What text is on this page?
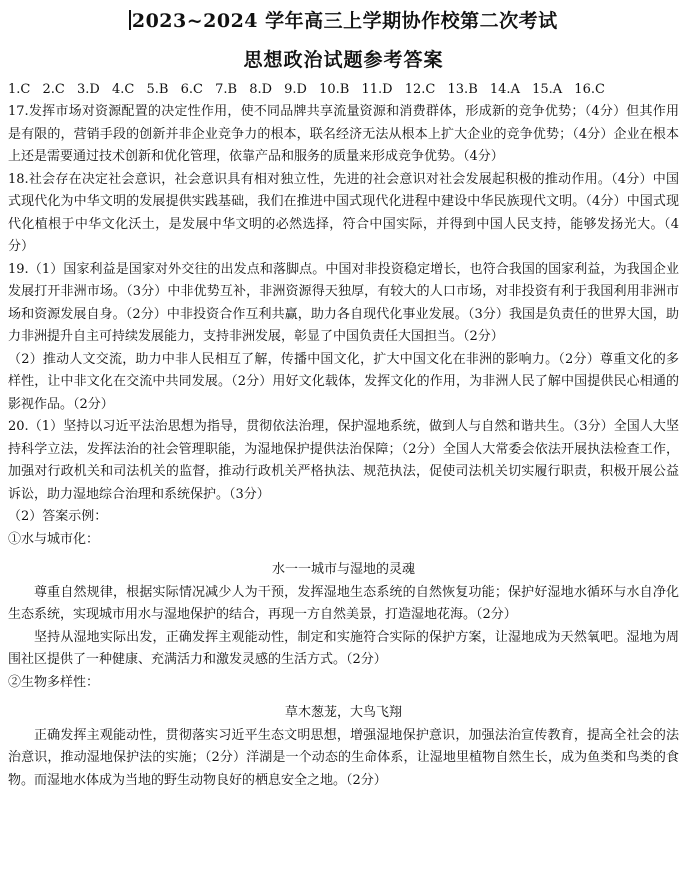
2023~2024 学年高三上学期协作校第二次考试
思想政治试题参考答案
1.C 2.C 3.D 4.C 5.B 6.C 7.B 8.D 9.D 10.B 11.D 12.C 13.B 14.A 15.A 16.C

17.发挥市场对资源配置的决定性作用，使不同品牌共享流量资源和消费群体，形成新的竞争优势；（4分）但其作用是有限的，营销手段的创新并非企业竞争力的根本，联名经济无法从根本上扩大企业的竞争优势；（4分）企业在根本上还是需要通过技术创新和优化管理，依靠产品和服务的质量来形成竞争优势。（4分）

18.社会存在决定社会意识，社会意识具有相对独立性，先进的社会意识对社会发展起积极的推动作用。（4分）中国式现代化为中华文明的发展提供实践基础，我们在推进中国式现代化进程中建设中华民族现代文明。（4分）中国式现代化植根于中华文化沃土，是发展中华文明的必然选择，符合中国实际，并得到中国人民支持，能够发扬光大。（4分）

19.（1）国家利益是国家对外交往的出发点和落脚点。中国对非投资稳定增长，也符合我国的国家利益，为我国企业发展打开非洲市场。（3分）中非优势互补，非洲资源得天独厚，有较大的人口市场，对非投资有利于我国利用非洲市场和资源发展自身。（2分）中非投资合作互利共赢，助力各自现代化事业发展。（3分）我国是负责任的世界大国，助力非洲提升自主可持续发展能力，支持非洲发展，彰显了中国负责任大国担当。（2分）

（2）推动人文交流，助力中非人民相互了解，传播中国文化，扩大中国文化在非洲的影响力。（2分）尊重文化的多样性，让中非文化在交流中共同发展。（2分）用好文化载体，发挥文化的作用，为非洲人民了解中国提供民心相通的影视作品。（2分）

20.（1）坚持以习近平法治思想为指导，贯彻依法治理，保护湿地系统，做到人与自然和谐共生。（3分）全国人大坚持科学立法，发挥法治的社会管理职能，为湿地保护提供法治保障；（2分）全国人大常委会依法开展执法检查工作，加强对行政机关和司法机关的监督，推动行政机关严格执法、规范执法，促使司法机关切实履行职责，积极开展公益诉讼，助力湿地综合治理和系统保护。（3分）

（2）答案示例：

①水与城市化：

水一一城市与湿地的灵魂

尊重自然规律，根据实际情况减少人为干预，发挥湿地生态系统的自然恢复功能；保护好湿地水循环与水自净化生态系统，实现城市用水与湿地保护的结合，再现一方自然美景，打造湿地花海。（2分）

坚持从湿地实际出发，正确发挥主观能动性，制定和实施符合实际的保护方案，让湿地成为天然氧吧。湿地为周围社区提供了一种健康、充满活力和激发灵感的生活方式。（2分）

②生物多样性：

草木葱茏，大鸟飞翔

正确发挥主观能动性，贯彻落实习近平生态文明思想，增强湿地保护意识，加强法治宣传教育，提高全社会的法治意识，推动湿地保护法的实施；（2分）洋湖是一个动态的生命体系，让湿地里植物自然生长，成为鱼类和鸟类的食物。而湿地水体成为当地的野生动物良好的栖息安全之地。（2分）
